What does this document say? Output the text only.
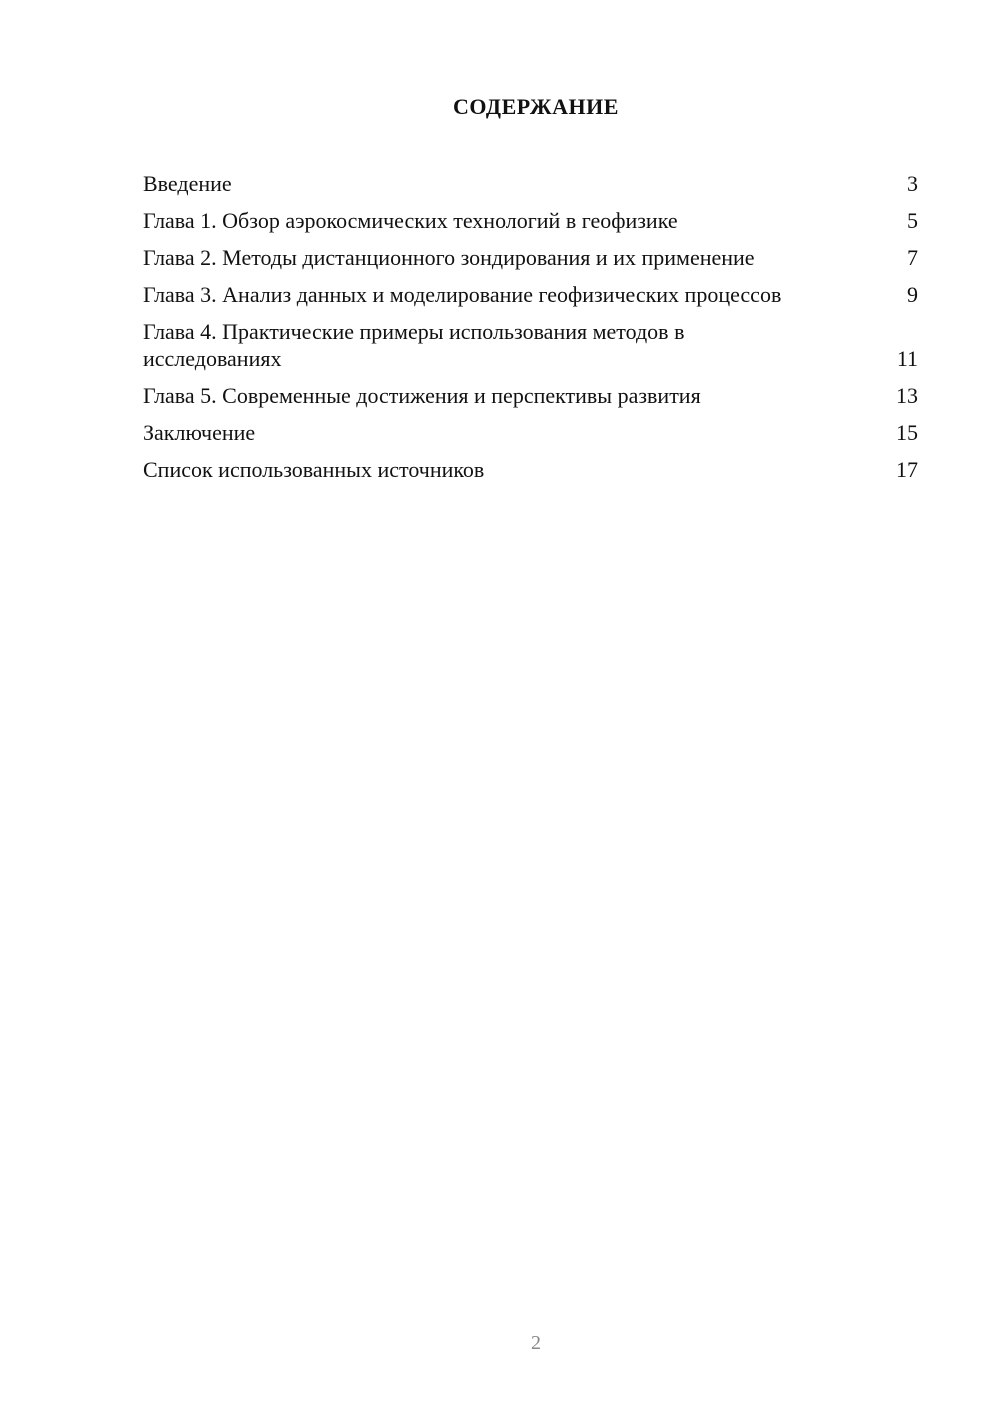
СОДЕРЖАНИЕ
Введение	3
Глава 1. Обзор аэрокосмических технологий в геофизике	5
Глава 2. Методы дистанционного зондирования и их применение	7
Глава 3. Анализ данных и моделирование геофизических процессов	9
Глава 4. Практические примеры использования методов в исследованиях	11
Глава 5. Современные достижения и перспективы развития	13
Заключение	15
Список использованных источников	17
2
